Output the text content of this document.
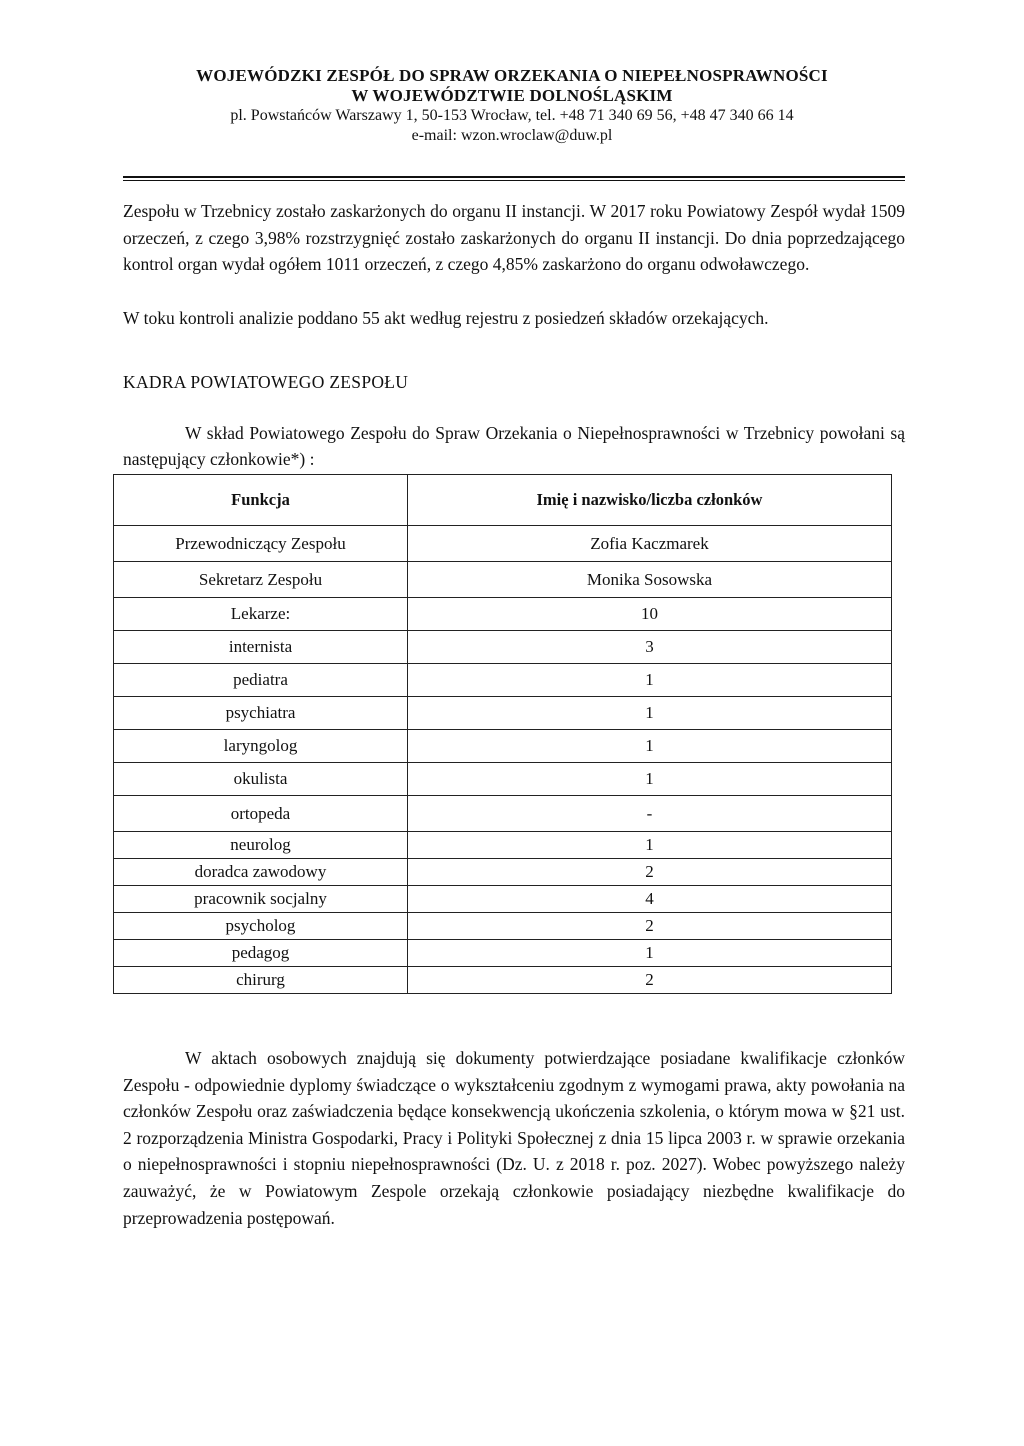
WOJEWÓDZKI ZESPÓŁ DO SPRAW ORZEKANIA O NIEPEŁNOSPRAWNOŚCI
W WOJEWÓDZTWIE DOLNOŚLĄSKIM
pl. Powstańców Warszawy 1, 50-153 Wrocław, tel. +48 71 340 69 56, +48 47 340 66 14
e-mail: wzon.wroclaw@duw.pl
Zespołu w Trzebnicy zostało zaskarżonych do organu II instancji. W 2017 roku Powiatowy Zespół wydał 1509 orzeczeń, z czego 3,98% rozstrzygnięć zostało zaskarżonych do organu II instancji. Do dnia poprzedzającego kontrol organ wydał ogółem 1011 orzeczeń, z czego 4,85% zaskarżono do organu odwoławczego.
W toku kontroli analizie poddano 55 akt według rejestru z posiedzeń składów orzekających.
KADRA POWIATOWEGO ZESPOŁU
W skład Powiatowego Zespołu do Spraw Orzekania o Niepełnosprawności w Trzebnicy powołani są następujący członkowie*) :
Funkcja	Imię i nazwisko/liczba członków
Przewodniczący Zespołu	Zofia Kaczmarek
Sekretarz Zespołu	Monika Sosowska
Lekarze:	10
internista	3
pediatra	1
psychiatra	1
laryngolog	1
okulista	1
ortopeda	-
neurolog	1
doradca zawodowy	2
pracownik socjalny	4
psycholog	2
pedagog	1
chirurg	2
W aktach osobowych znajdują się dokumenty potwierdzające posiadane kwalifikacje członków Zespołu - odpowiednie dyplomy świadczące o wykształceniu zgodnym z wymogami prawa, akty powołania na członków Zespołu oraz zaświadczenia będące konsekwencją ukończenia szkolenia, o którym mowa w §21 ust. 2 rozporządzenia Ministra Gospodarki, Pracy i Polityki Społecznej z dnia 15 lipca 2003 r. w sprawie orzekania o niepełnosprawności i stopniu niepełnosprawności (Dz. U. z 2018 r. poz. 2027). Wobec powyższego należy zauważyć, że w Powiatowym Zespole orzekają członkowie posiadający niezbędne kwalifikacje do przeprowadzenia postępowań.
